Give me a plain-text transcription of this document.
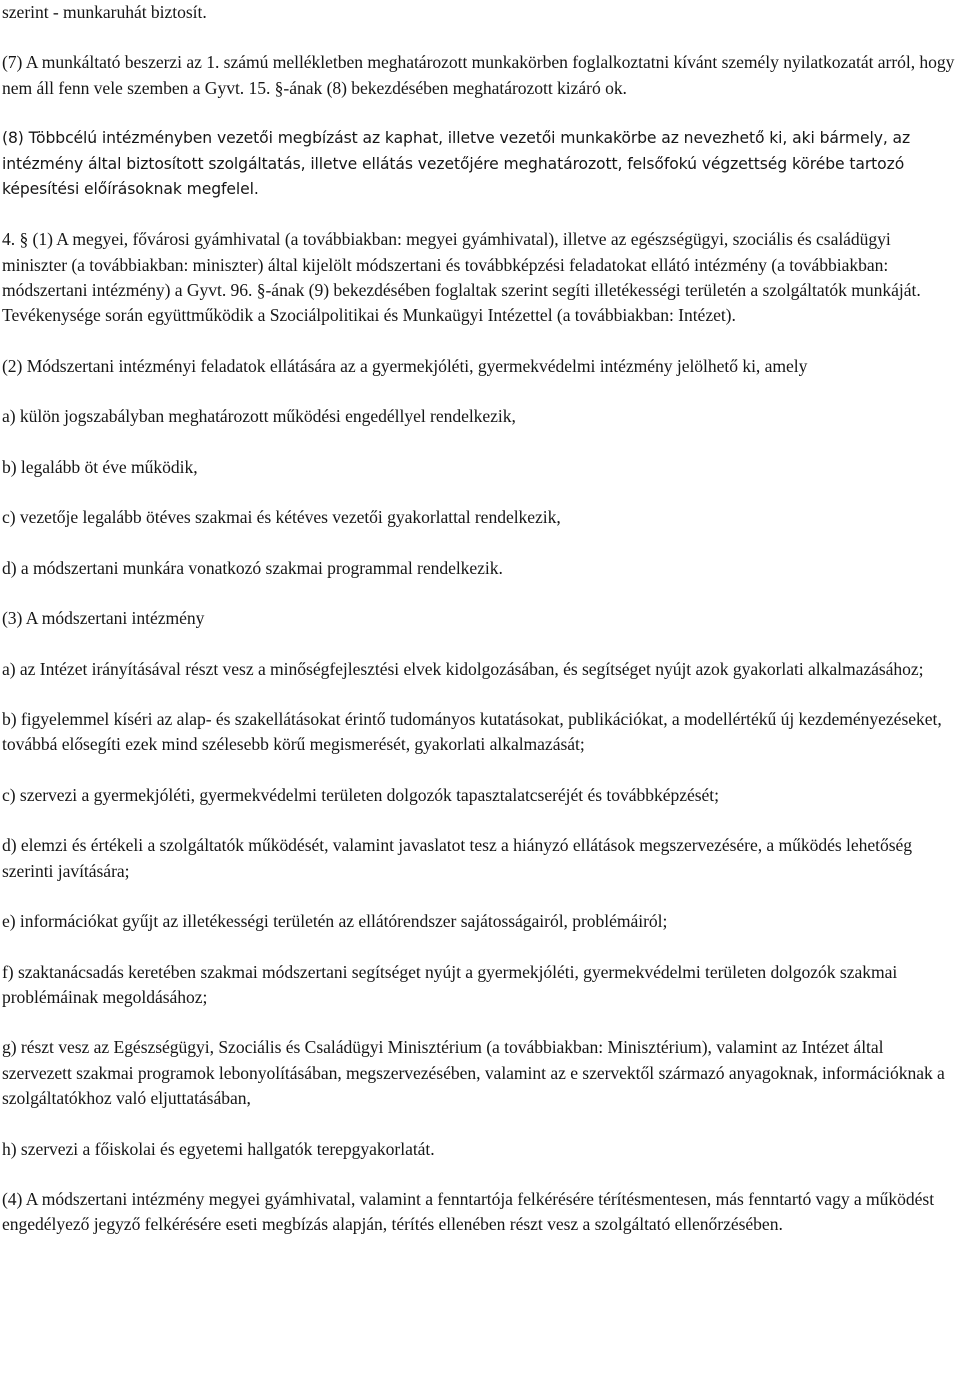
szerint - munkaruhát biztosít.

(7) A munkáltató beszerzi az 1. számú mellékletben meghatározott munkakörben foglalkoztatni kívánt személy nyilatkozatát arról, hogy nem áll fenn vele szemben a Gyvt. 15. §-ának (8) bekezdésében meghatározott kizáró ok.

(8) Többcélú intézményben vezetői megbízást az kaphat, illetve vezetői munkakörbe az nevezhető ki, aki bármely, az intézmény által biztosított szolgáltatás, illetve ellátás vezetőjére meghatározott, felsőfokú végzettség körébe tartozó képesítési előírásoknak megfelel.

4. § (1) A megyei, fővárosi gyámhivatal (a továbbiakban: megyei gyámhivatal), illetve az egészségügyi, szociális és családügyi miniszter (a továbbiakban: miniszter) által kijelölt módszertani és továbbképzési feladatokat ellátó intézmény (a továbbiakban: módszertani intézmény) a Gyvt. 96. §-ának (9) bekezdésében foglaltak szerint segíti illetékességi területén a szolgáltatók munkáját. Tevékenysége során együttműködik a Szociálpolitikai és Munkaügyi Intézettel (a továbbiakban: Intézet).

(2) Módszertani intézményi feladatok ellátására az a gyermekjóléti, gyermekvédelmi intézmény jelölhető ki, amely

a) külön jogszabályban meghatározott működési engedéllyel rendelkezik,

b) legalább öt éve működik,

c) vezetője legalább ötéves szakmai és kétéves vezetői gyakorlattal rendelkezik,

d) a módszertani munkára vonatkozó szakmai programmal rendelkezik.

(3) A módszertani intézmény

a) az Intézet irányításával részt vesz a minőségfejlesztési elvek kidolgozásában, és segítséget nyújt azok gyakorlati alkalmazásához;

b) figyelemmel kíséri az alap- és szakellátásokat érintő tudományos kutatásokat, publikációkat, a modellértékű új kezdeményezéseket, továbbá elősegíti ezek mind szélesebb körű megismerését, gyakorlati alkalmazását;

c) szervezi a gyermekjóléti, gyermekvédelmi területen dolgozók tapasztalatcseréjét és továbbképzését;

d) elemzi és értékeli a szolgáltatók működését, valamint javaslatot tesz a hiányzó ellátások megszervezésére, a működés lehetőség szerinti javítására;

e) információkat gyűjt az illetékességi területén az ellátórendszer sajátosságairól, problémáiról;

f) szaktanácsadás keretében szakmai módszertani segítséget nyújt a gyermekjóléti, gyermekvédelmi területen dolgozók szakmai problémáinak megoldásához;

g) részt vesz az Egészségügyi, Szociális és Családügyi Minisztérium (a továbbiakban: Minisztérium), valamint az Intézet által szervezett szakmai programok lebonyolításában, megszervezésében, valamint az e szervektől származó anyagoknak, információknak a szolgáltatókhoz való eljuttatásában,

h) szervezi a főiskolai és egyetemi hallgatók terepgyakorlatát.

(4) A módszertani intézmény megyei gyámhivatal, valamint a fenntartója felkérésére térítésmentesen, más fenntartó vagy a működést engedélyező jegyző felkérésére eseti megbízás alapján, térítés ellenében részt vesz a szolgáltató ellenőrzésében.
